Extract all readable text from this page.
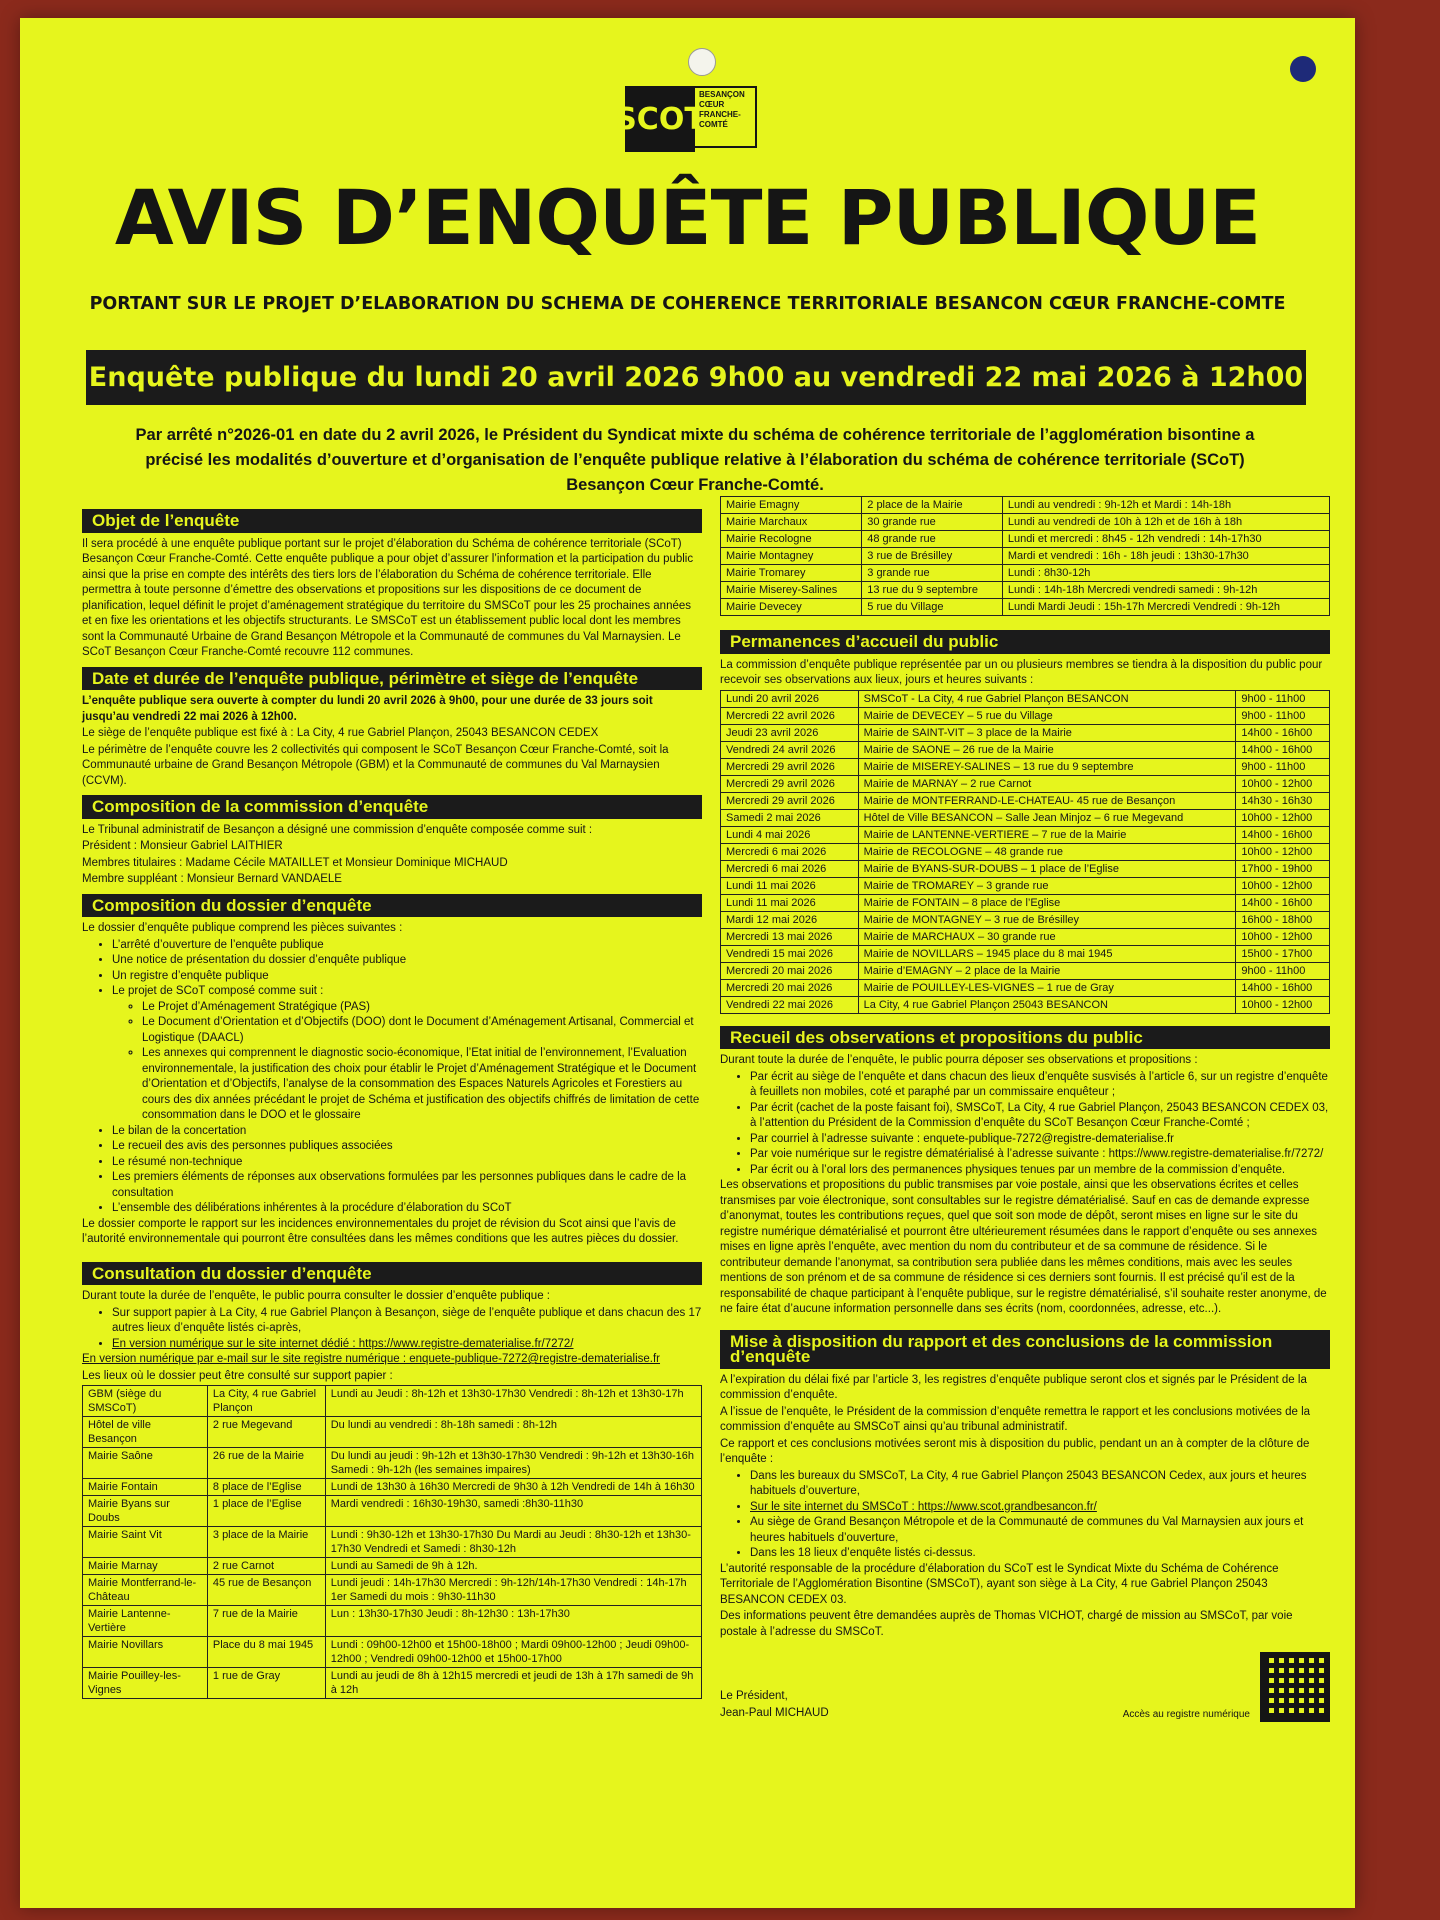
SCOT
BESANÇON CŒUR FRANCHE-COMTÉ
AVIS D’ENQUÊTE PUBLIQUE
PORTANT SUR LE PROJET D’ELABORATION DU SCHEMA DE COHERENCE TERRITORIALE BESANCON CŒUR FRANCHE-COMTE
Enquête publique du lundi 20 avril 2026 9h00 au vendredi 22 mai 2026 à 12h00
Par arrêté n°2026-01 en date du 2 avril 2026, le Président du Syndicat mixte du schéma de cohérence territoriale de l’agglomération bisontine a précisé les modalités d’ouverture et d’organisation de l’enquête publique relative à l’élaboration du schéma de cohérence territoriale (SCoT) Besançon Cœur Franche-Comté.
Objet de l’enquête

Il sera procédé à une enquête publique portant sur le projet d’élaboration du Schéma de cohérence territoriale (SCoT) Besançon Cœur Franche-Comté. Cette enquête publique a pour objet d’assurer l’information et la participation du public ainsi que la prise en compte des intérêts des tiers lors de l’élaboration du Schéma de cohérence territoriale. Elle permettra à toute personne d’émettre des observations et propositions sur les dispositions de ce document de planification, lequel définit le projet d’aménagement stratégique du territoire du SMSCoT pour les 25 prochaines années et en fixe les orientations et les objectifs structurants. Le SMSCoT est un établissement public local dont les membres sont la Communauté Urbaine de Grand Besançon Métropole et la Communauté de communes du Val Marnaysien. Le SCoT Besançon Cœur Franche-Comté recouvre 112 communes.

Date et durée de l’enquête publique, périmètre et siège de l’enquête

L’enquête publique sera ouverte à compter du lundi 20 avril 2026 à 9h00, pour une durée de 33 jours soit jusqu’au vendredi 22 mai 2026 à 12h00.

Le siège de l’enquête publique est fixé à : La City, 4 rue Gabriel Plançon, 25043 BESANCON CEDEX

Le périmètre de l’enquête couvre les 2 collectivités qui composent le SCoT Besançon Cœur Franche-Comté, soit la Communauté urbaine de Grand Besançon Métropole (GBM) et la Communauté de communes du Val Marnaysien (CCVM).

Composition de la commission d’enquête

Le Tribunal administratif de Besançon a désigné une commission d’enquête composée comme suit :

Président : Monsieur Gabriel LAITHIER

Membres titulaires : Madame Cécile MATAILLET et Monsieur Dominique MICHAUD

Membre suppléant : Monsieur Bernard VANDAELE

Composition du dossier d’enquête

Le dossier d’enquête publique comprend les pièces suivantes :

• L’arrêté d’ouverture de l’enquête publique
• Une notice de présentation du dossier d’enquête publique
• Un registre d’enquête publique
• Le projet de SCoT composé comme suit :
◦ Le Projet d’Aménagement Stratégique (PAS)
◦ Le Document d’Orientation et d’Objectifs (DOO) dont le Document d’Aménagement Artisanal, Commercial et Logistique (DAACL)
◦ Les annexes qui comprennent le diagnostic socio-économique, l’Etat initial de l’environnement, l’Evaluation environnementale, la justification des choix pour établir le Projet d’Aménagement Stratégique et le Document d’Orientation et d’Objectifs, l’analyse de la consommation des Espaces Naturels Agricoles et Forestiers au cours des dix années précédant le projet de Schéma et justification des objectifs chiffrés de limitation de cette consommation dans le DOO et le glossaire
• Le bilan de la concertation
• Le recueil des avis des personnes publiques associées
• Le résumé non-technique
• Les premiers éléments de réponses aux observations formulées par les personnes publiques dans le cadre de la consultation
• L’ensemble des délibérations inhérentes à la procédure d’élaboration du SCoT

Le dossier comporte le rapport sur les incidences environnementales du projet de révision du Scot ainsi que l’avis de l’autorité environnementale qui pourront être consultées dans les mêmes conditions que les autres pièces du dossier.

Consultation du dossier d’enquête

Durant toute la durée de l’enquête, le public pourra consulter le dossier d’enquête publique :

• Sur support papier à La City, 4 rue Gabriel Plançon à Besançon, siège de l’enquête publique et dans chacun des 17 autres lieux d’enquête listés ci-après,
• En version numérique sur le site internet dédié : https://www.registre-dematerialise.fr/7272/

En version numérique par e-mail sur le site registre numérique : enquete-publique-7272@registre-dematerialise.fr

Les lieux où le dossier peut être consulté sur support papier :

GBM (siège du SMSCoT)	La City, 4 rue Gabriel Plançon	Lundi au Jeudi : 8h-12h et 13h30-17h30 Vendredi : 8h-12h et 13h30-17h
Hôtel de ville Besançon	2 rue Megevand	Du lundi au vendredi : 8h-18h samedi : 8h-12h
Mairie Saône	26 rue de la Mairie	Du lundi au jeudi : 9h-12h et 13h30-17h30 Vendredi : 9h-12h et 13h30-16h Samedi : 9h-12h (les semaines impaires)
Mairie Fontain	8 place de l’Eglise	Lundi de 13h30 à 16h30 Mercredi de 9h30 à 12h Vendredi de 14h à 16h30
Mairie Byans sur Doubs	1 place de l’Eglise	Mardi vendredi : 16h30-19h30, samedi :8h30-11h30
Mairie Saint Vit	3 place de la Mairie	Lundi : 9h30-12h et 13h30-17h30 Du Mardi au Jeudi : 8h30-12h et 13h30-17h30 Vendredi et Samedi : 8h30-12h
Mairie Marnay	2 rue Carnot	Lundi au Samedi de 9h à 12h.
Mairie Montferrand-le-Château	45 rue de Besançon	Lundi jeudi : 14h-17h30 Mercredi : 9h-12h/14h-17h30 Vendredi : 14h-17h 1er Samedi du mois : 9h30-11h30
Mairie Lantenne-Vertière	7 rue de la Mairie	Lun : 13h30-17h30 Jeudi : 8h-12h30 : 13h-17h30
Mairie Novillars	Place du 8 mai 1945	Lundi : 09h00-12h00 et 15h00-18h00 ; Mardi 09h00-12h00 ; Jeudi 09h00-12h00 ; Vendredi 09h00-12h00 et 15h00-17h00
Mairie Pouilley-les-Vignes	1 rue de Gray	Lundi au jeudi de 8h à 12h15 mercredi et jeudi de 13h à 17h samedi de 9h à 12h
Mairie Emagny	2 place de la Mairie	Lundi au vendredi : 9h-12h et Mardi : 14h-18h
Mairie Marchaux	30 grande rue	Lundi au vendredi de 10h à 12h et de 16h à 18h
Mairie Recologne	48 grande rue	Lundi et mercredi : 8h45 - 12h vendredi : 14h-17h30
Mairie Montagney	3 rue de Brésilley	Mardi et vendredi : 16h - 18h jeudi : 13h30-17h30
Mairie Tromarey	3 grande rue	Lundi : 8h30-12h
Mairie Miserey-Salines	13 rue du 9 septembre	Lundi : 14h-18h Mercredi vendredi samedi : 9h-12h
Mairie Devecey	5 rue du Village	Lundi Mardi Jeudi : 15h-17h Mercredi Vendredi : 9h-12h
Permanences d’accueil du public

La commission d’enquête publique représentée par un ou plusieurs membres se tiendra à la disposition du public pour recevoir ses observations aux lieux, jours et heures suivants :

Lundi 20 avril 2026	SMSCoT - La City, 4 rue Gabriel Plançon BESANCON	9h00 - 11h00
Mercredi 22 avril 2026	Mairie de DEVECEY – 5 rue du Village	9h00 - 11h00
Jeudi 23 avril 2026	Mairie de SAINT-VIT – 3 place de la Mairie	14h00 - 16h00
Vendredi 24 avril 2026	Mairie de SAONE – 26 rue de la Mairie	14h00 - 16h00
Mercredi 29 avril 2026	Mairie de MISEREY-SALINES – 13 rue du 9 septembre	9h00 - 11h00
Mercredi 29 avril 2026	Mairie de MARNAY – 2 rue Carnot	10h00 - 12h00
Mercredi 29 avril 2026	Mairie de MONTFERRAND-LE-CHATEAU- 45 rue de Besançon	14h30 - 16h30
Samedi 2 mai 2026	Hôtel de Ville BESANCON – Salle Jean Minjoz – 6 rue Megevand	10h00 - 12h00
Lundi 4 mai 2026	Mairie de LANTENNE-VERTIERE – 7 rue de la Mairie	14h00 - 16h00
Mercredi 6 mai 2026	Mairie de RECOLOGNE – 48 grande rue	10h00 - 12h00
Mercredi 6 mai 2026	Mairie de BYANS-SUR-DOUBS – 1 place de l’Eglise	17h00 - 19h00
Lundi 11 mai 2026	Mairie de TROMAREY – 3 grande rue	10h00 - 12h00
Lundi 11 mai 2026	Mairie de FONTAIN – 8 place de l’Eglise	14h00 - 16h00
Mardi 12 mai 2026	Mairie de MONTAGNEY – 3 rue de Brésilley	16h00 - 18h00
Mercredi 13 mai 2026	Mairie de MARCHAUX – 30 grande rue	10h00 - 12h00
Vendredi 15 mai 2026	Mairie de NOVILLARS – 1945 place du 8 mai 1945	15h00 - 17h00
Mercredi 20 mai 2026	Mairie d’EMAGNY – 2 place de la Mairie	9h00 - 11h00
Mercredi 20 mai 2026	Mairie de POUILLEY-LES-VIGNES – 1 rue de Gray	14h00 - 16h00
Vendredi 22 mai 2026	La City, 4 rue Gabriel Plançon 25043 BESANCON	10h00 - 12h00
Recueil des observations et propositions du public

Durant toute la durée de l’enquête, le public pourra déposer ses observations et propositions :

• Par écrit au siège de l’enquête et dans chacun des lieux d’enquête susvisés à l’article 6, sur un registre d’enquête à feuillets non mobiles, coté et paraphé par un commissaire enquêteur ;
• Par écrit (cachet de la poste faisant foi), SMSCoT, La City, 4 rue Gabriel Plançon, 25043 BESANCON CEDEX 03, à l’attention du Président de la Commission d’enquête du SCoT Besançon Cœur Franche-Comté ;
• Par courriel à l’adresse suivante : enquete-publique-7272@registre-dematerialise.fr
• Par voie numérique sur le registre dématérialisé à l’adresse suivante : https://www.registre-dematerialise.fr/7272/
• Par écrit ou à l’oral lors des permanences physiques tenues par un membre de la commission d’enquête.

Les observations et propositions du public transmises par voie postale, ainsi que les observations écrites et celles transmises par voie électronique, sont consultables sur le registre dématérialisé. Sauf en cas de demande expresse d’anonymat, toutes les contributions reçues, quel que soit son mode de dépôt, seront mises en ligne sur le site du registre numérique dématérialisé et pourront être ultérieurement résumées dans le rapport d’enquête ou ses annexes mises en ligne après l’enquête, avec mention du nom du contributeur et de sa commune de résidence. Si le contributeur demande l’anonymat, sa contribution sera publiée dans les mêmes conditions, mais avec les seules mentions de son prénom et de sa commune de résidence si ces derniers sont fournis. Il est précisé qu’il est de la responsabilité de chaque participant à l’enquête publique, sur le registre dématérialisé, s’il souhaite rester anonyme, de ne faire état d’aucune information personnelle dans ses écrits (nom, coordonnées, adresse, etc...).

Mise à disposition du rapport et des conclusions de la commission d’enquête

A l’expiration du délai fixé par l’article 3, les registres d’enquête publique seront clos et signés par le Président de la commission d’enquête.

A l’issue de l’enquête, le Président de la commission d’enquête remettra le rapport et les conclusions motivées de la commission d’enquête au SMSCoT ainsi qu’au tribunal administratif.

Ce rapport et ces conclusions motivées seront mis à disposition du public, pendant un an à compter de la clôture de l’enquête :

• Dans les bureaux du SMSCoT, La City, 4 rue Gabriel Plançon 25043 BESANCON Cedex, aux jours et heures habituels d’ouverture,
• Sur le site internet du SMSCoT : https://www.scot.grandbesancon.fr/
• Au siège de Grand Besançon Métropole et de la Communauté de communes du Val Marnaysien aux jours et heures habituels d’ouverture,
• Dans les 18 lieux d’enquête listés ci-dessus.

L’autorité responsable de la procédure d’élaboration du SCoT est le Syndicat Mixte du Schéma de Cohérence Territoriale de l’Agglomération Bisontine (SMSCoT), ayant son siège à La City, 4 rue Gabriel Plançon 25043 BESANCON CEDEX 03.

Des informations peuvent être demandées auprès de Thomas VICHOT, chargé de mission au SMSCoT, par voie postale à l’adresse du SMSCoT.

Le Président,

Jean-Paul MICHAUD	Accès au registre numérique
